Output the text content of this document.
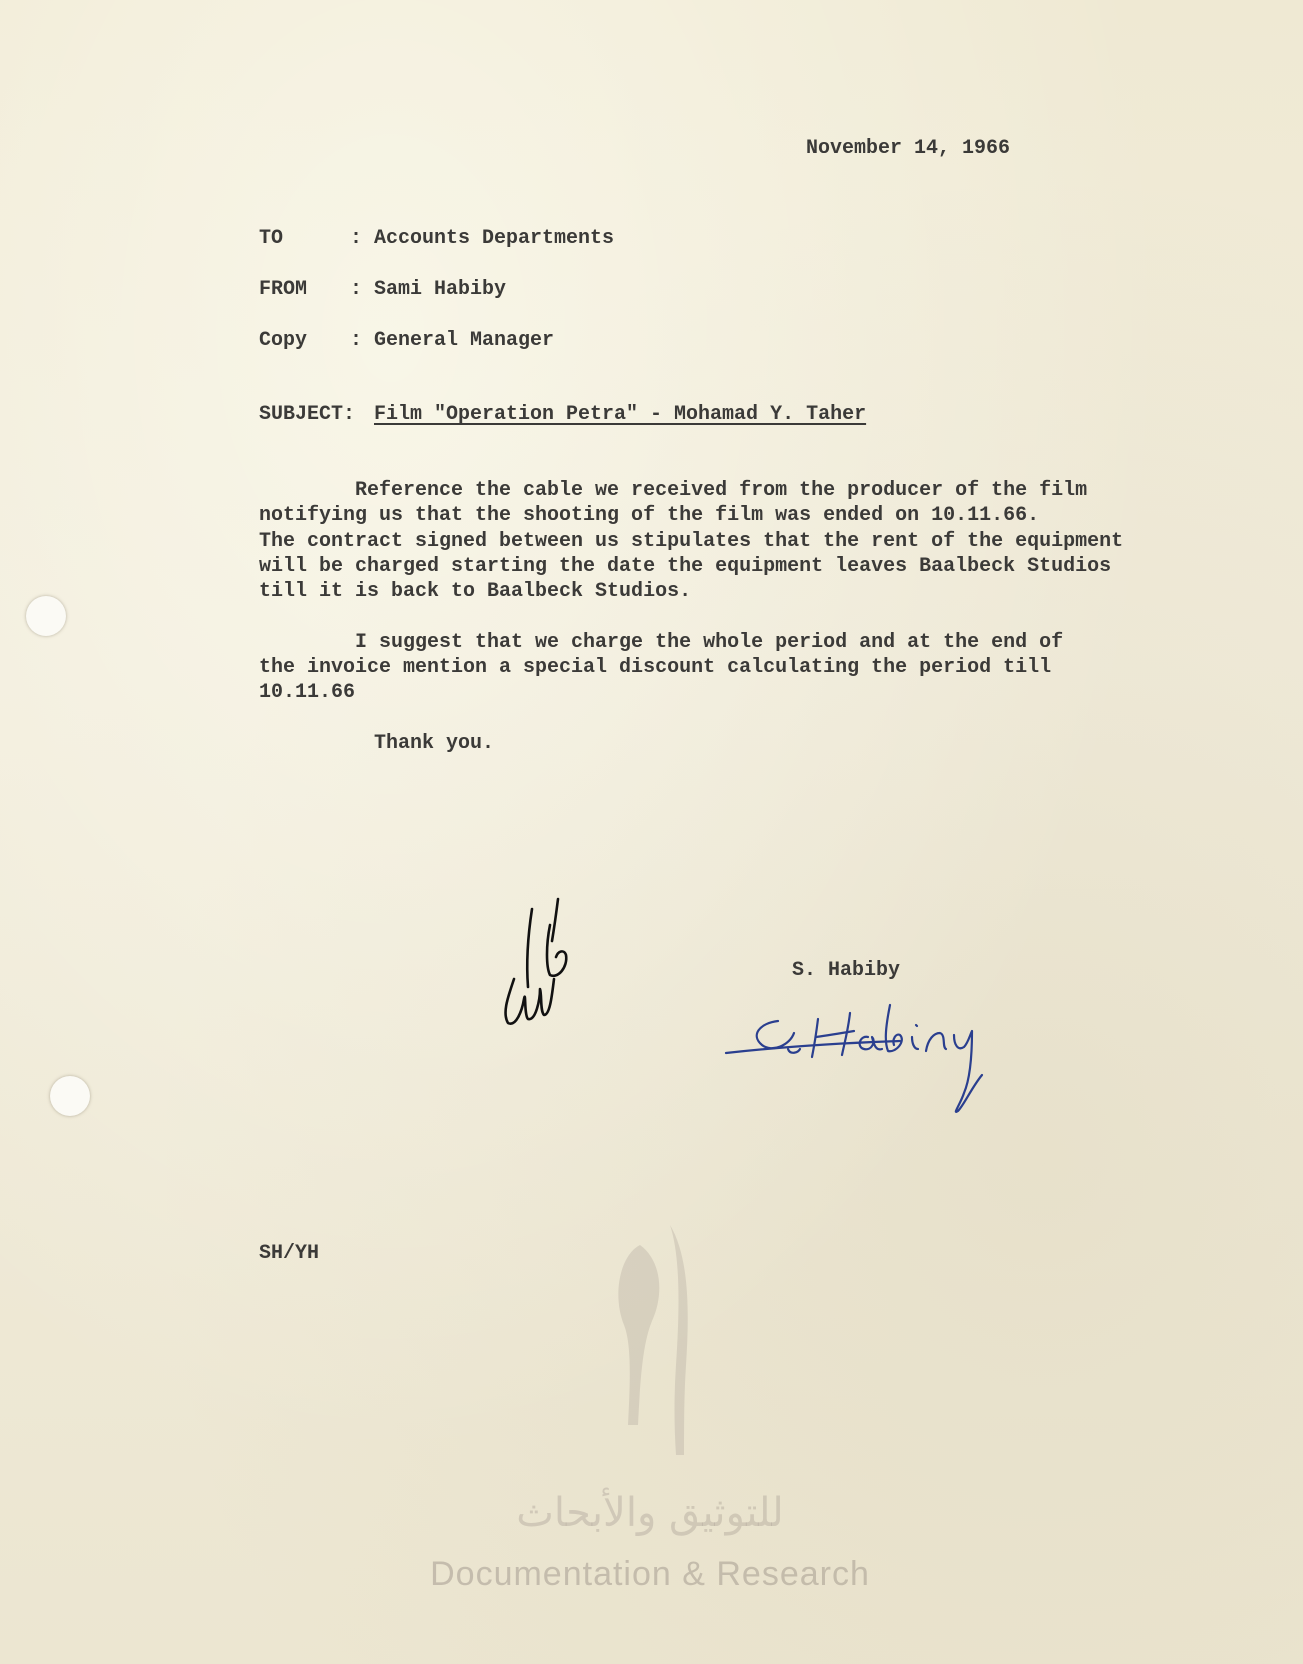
November 14, 1966

TO	: Accounts Departments

FROM : Sami Habiby

Copy : General Manager

SUBJECT: Film "Operation Petra" - Mohamad Y. Taher

Reference the cable we received from the producer of the film

notifying us that the shooting of the film was ended on 10.11.66.

The contract signed between us stipulates that the rent of the equipment

will be charged starting the date the equipment leaves Baalbeck Studios

till it is back to Baalbeck Studios.

I suggest that we charge the whole period and at the end of

the invoice mention a special discount calculating the period till

10.11.66

Thank you.

S. Habiby

SH/YH

للتوثيق والأبحاث
Documentation & Research
